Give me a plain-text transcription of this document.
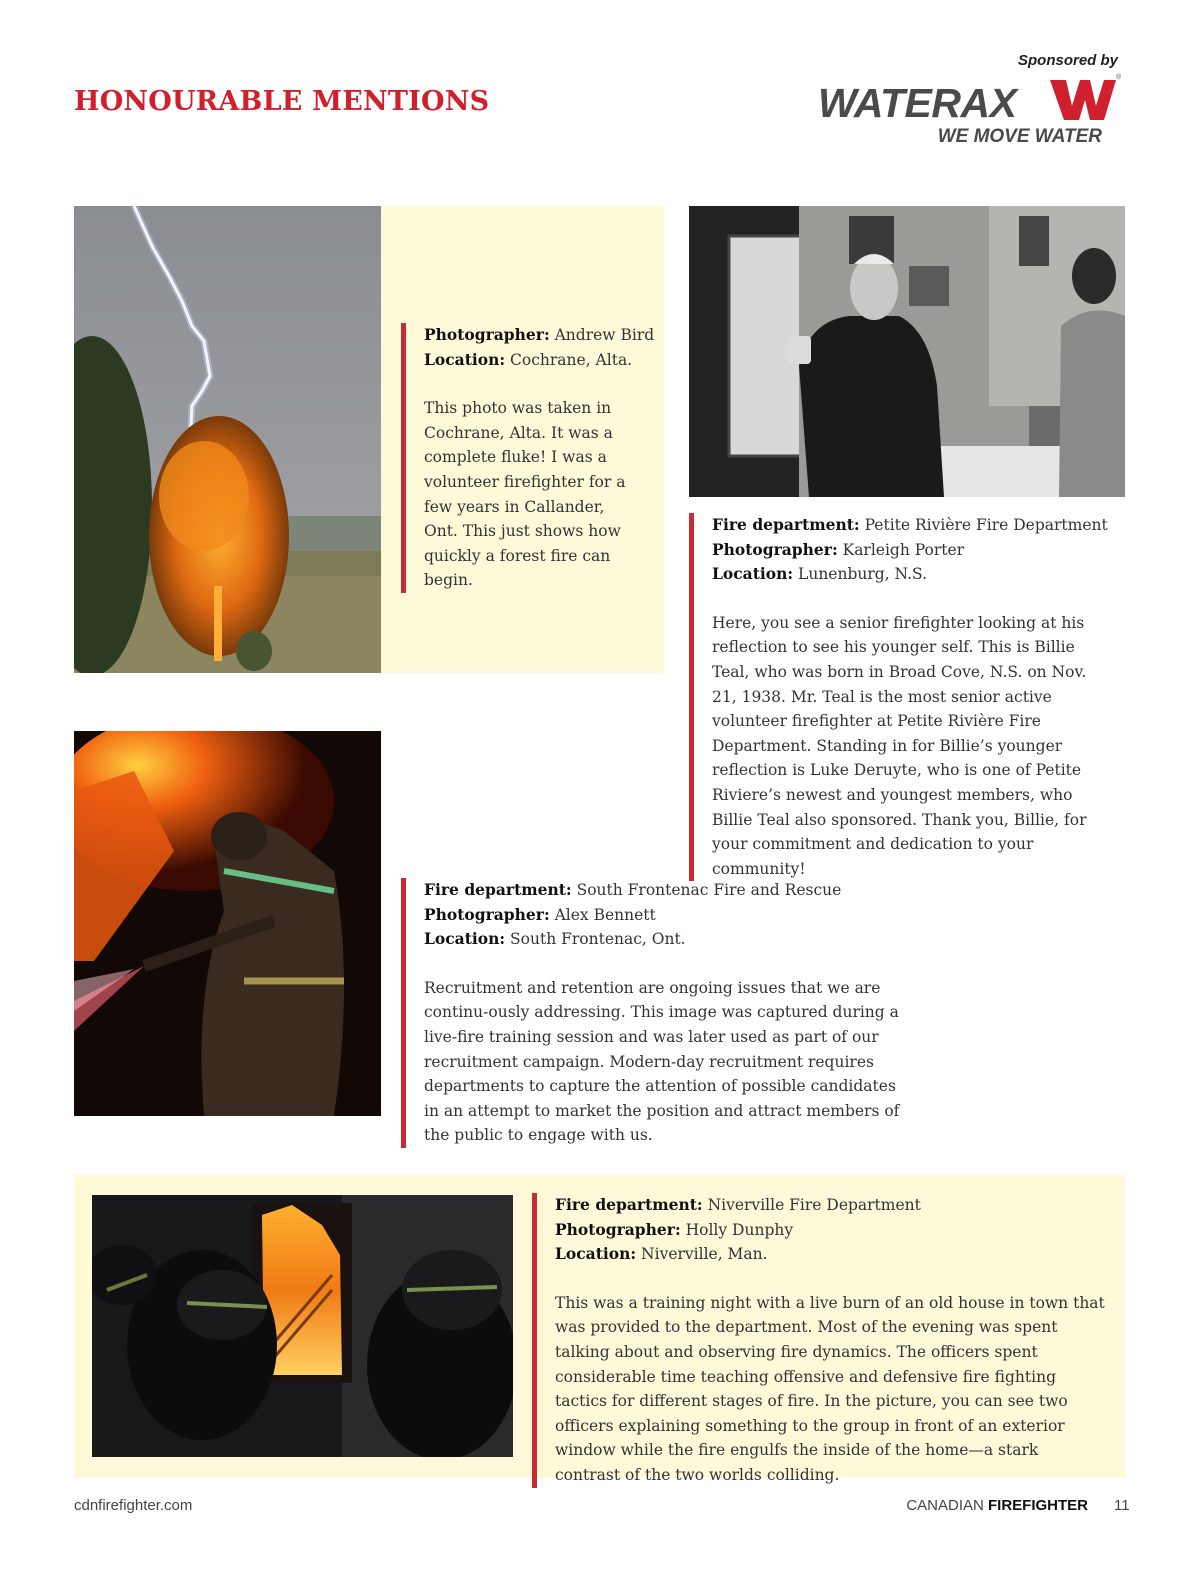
HONOURABLE MENTIONS
Sponsored by
WATERAX
®
WE MOVE WATER
Photographer: Andrew Bird
Location: Cochrane, Alta.
This photo was taken in Cochrane, Alta. It was a complete fluke! I was a volunteer firefighter for a few years in Callander, Ont. This just shows how quickly a forest fire can begin.
Fire department: Petite Rivière Fire Department
Photographer: Karleigh Porter
Location: Lunenburg, N.S.
Here, you see a senior firefighter looking at his reflection to see his younger self. This is Billie Teal, who was born in Broad Cove, N.S. on Nov. 21, 1938. Mr. Teal is the most senior active volunteer firefighter at Petite Rivière Fire Department. Standing in for Billie’s younger reflection is Luke Deruyte, who is one of Petite Riviere’s newest and youngest members, who Billie Teal also sponsored. Thank you, Billie, for your commitment and dedication to your community!
Fire department: South Frontenac Fire and Rescue
Photographer: Alex Bennett
Location: South Frontenac, Ont.
Recruitment and retention are ongoing issues that we are continu-ously addressing. This image was captured during a live-fire training session and was later used as part of our recruitment campaign. Modern-day recruitment requires departments to capture the attention of possible candidates in an attempt to market the position and attract members of the public to engage with us.
Fire department: Niverville Fire Department
Photographer: Holly Dunphy
Location: Niverville, Man.
This was a training night with a live burn of an old house in town that was provided to the department. Most of the evening was spent talking about and observing fire dynamics. The officers spent considerable time teaching offensive and defensive fire fighting tactics for different stages of fire. In the picture, you can see two officers explaining something to the group in front of an exterior window while the fire engulfs the inside of the home—a stark contrast of the two worlds colliding.
cdnfirefighter.com	CANADIAN FIREFIGHTER 11
